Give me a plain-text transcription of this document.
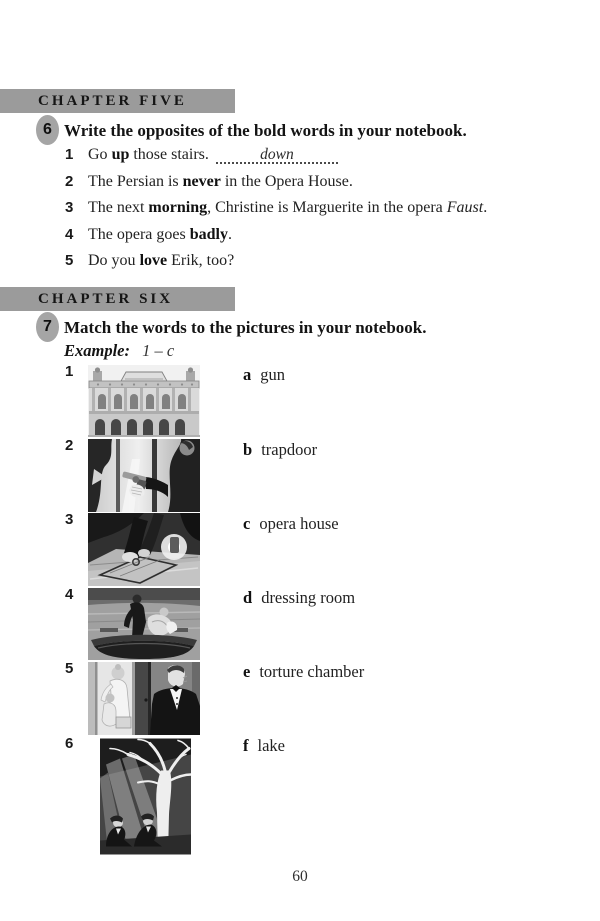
CHAPTER FIVE
6 Write the opposites of the bold words in your notebook.
1 Go up those stairs.	down
2 The Persian is never in the Opera House.
3 The next morning, Christine is Marguerite in the opera Faust.
4 The opera goes badly.
5 Do you love Erik, too?
CHAPTER SIX
7 Match the words to the pictures in your notebook.
Example: 1 – c
1
2
3
4
5
6
a gun
b trapdoor
c opera house
d dressing room
e torture chamber
f lake
60
